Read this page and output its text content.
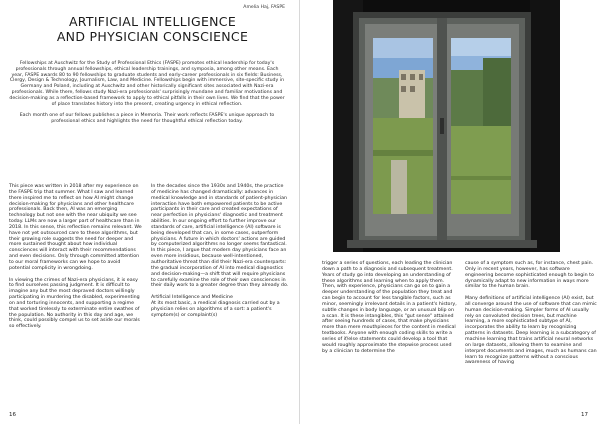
Amelia Haj, FASPE
ARTIFICIAL INTELLIGENCE
AND PHYSICIAN CONSCIENCE

Fellowships at Auschwitz for the Study of Professional Ethics (FASPE) promotes ethical leadership for today's professionals through annual fellowships, ethical leadership trainings, and symposia, among other means. Each year, FASPE awards 80 to 90 fellowships to graduate students and early-career professionals in six fields: Business, Clergy, Design & Technology, Journalism, Law, and Medicine. Fellowships begin with immersive, site-specific study in Germany and Poland, including at Auschwitz and other historically significant sites associated with Nazi-era professionals. While there, fellows study Nazi-era professionals' surprisingly mundane and familiar motivations and decision-making as a reflection-based framework to apply to ethical pitfalls in their own lives. We find that the power of place translates history into the present, creating urgency in ethical reflection.

Each month one of our fellows publishes a piece in Memoria. Their work reflects FASPE's unique approach to professional ethics and highlights the need for thoughtful ethical reflection today.

This piece was written in 2018 after my experience on the FASPE trip that summer. What I saw and learned there inspired me to reflect on how AI might change decision-making for physicians and other healthcare professionals. Back then, AI was an emerging technology but not one with the near ubiquity we see today. LLMs are now a larger part of healthcare than in 2018. In this sense, this reflection remains relevant. We have not yet outsourced care to these algorithms, but their growing role suggests the need for deeper and more sustained thought about how individual consciences will interact with their recommendations and even decisions. Only through committed attention to our moral frameworks can we hope to avoid potential complicity in wrongdoing.

In viewing the crimes of Nazi-era physicians, it is easy to find ourselves passing judgment. It is difficult to imagine any but the most depraved doctors willingly participating in murdering the disabled, experimenting on and torturing innocents, and supporting a regime that worked tirelessly to exterminate entire swathes of the population. No authority in this day and age, we think, could possibly compel us to set aside our morals so effectively.

In the decades since the 1930s and 1940s, the practice of medicine has changed dramatically: advances in medical knowledge and in standards of patient-physician interaction have both empowered patients to be active participants in their care and created expectations of near perfection in physicians' diagnostic and treatment abilities. In our ongoing effort to further improve our standards of care, artificial intelligence (AI) software is being developed that can, in some cases, outperform physicians. A future in which doctors' actions are guided by computerized algorithms no longer seems fantastical. In this piece, I argue that modern day physicians face an even more insidious, because well-intentioned, authoritative threat than did their Nazi-era counterparts: the gradual incorporation of AI into medical diagnostics and decision-making—a shift that will require physicians to carefully examine the role of their own consciences in their daily work to a greater degree than they already do.

Artificial Intelligence and Medicine

At its most basic, a medical diagnosis carried out by a physician relies on algorithms of a sort: a patient's symptom(s) or complaint(s)

16

trigger a series of questions, each leading the clinician down a path to a diagnosis and subsequent treatment. Years of study go into developing an understanding of these algorithms and learning when to apply them. Then, with experience, physicians can go on to gain a deeper understanding of the population they treat and can begin to account for less tangible factors, such as minor, seemingly irrelevant details in a patient's history, subtle changes in body language, or an unusual blip on a scan. It is these intangibles, this "gut sense" attained after seeing hundreds of cases, that make physicians more than mere mouthpieces for the content in medical textbooks. Anyone with enough coding skills to write a series of if/else statements could develop a tool that would roughly approximate the stepwise process used by a clinician to determine the

cause of a symptom such as, for instance, chest pain. Only in recent years, however, has software engineering become sophisticated enough to begin to dynamically adapt to new information in ways more similar to the human brain.

Many definitions of artificial intelligence (AI) exist, but all converge around the use of software that can mimic human decision-making. Simpler forms of AI usually rely on convoluted decision trees, but machine learning, a more sophisticated subtype of AI, incorporates the ability to learn by recognizing patterns in datasets. Deep learning is a subcategory of machine learning that trains artificial neural networks on large datasets, allowing them to examine and interpret documents and images, much as humans can learn to recognize patterns without a conscious awareness of having

17
